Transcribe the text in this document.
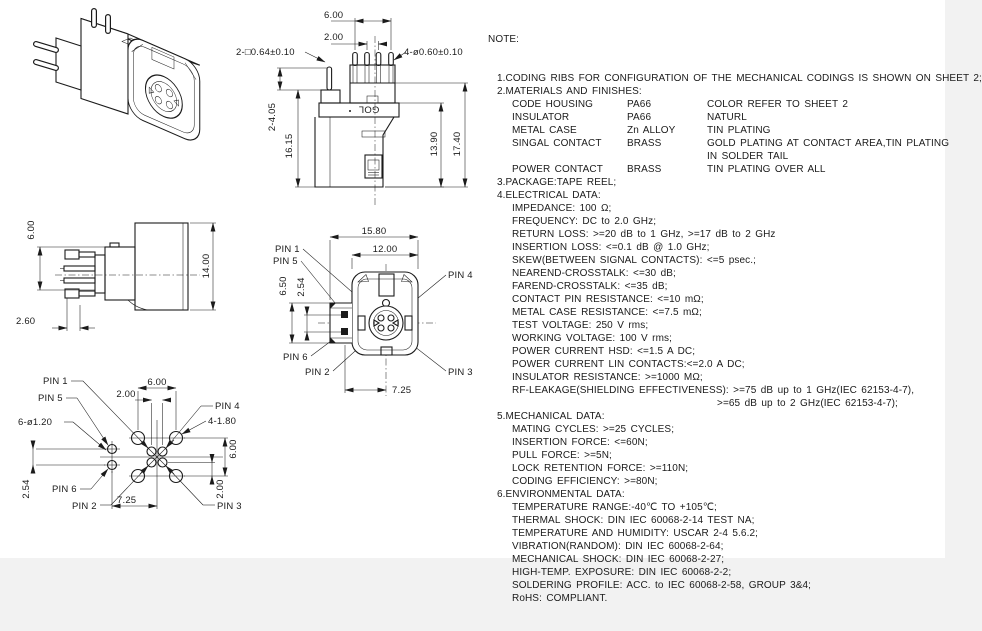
GOL
6.00
2.00
2-□0.64±0.10	4-ø0.60±0.10
2-4.05
16.15	13.90 17.40
6.00
14.00
2.60
PIN 1
PIN 5
PIN 4
PIN 6
PIN 2	PIN 3
15.80
12.00
6.50 2.54
7.25
PIN 1
PIN 5
6-ø1.20
PIN 4
4-1.80
PIN 6
PIN 2	PIN 3
6.00
2.00
6.00
2.00
2.54
7.25

NOTE:

1.CODING RIBS FOR CONFIGURATION OF THE MECHANICAL CODINGS IS SHOWN ON SHEET 2;
2.MATERIALS AND FINISHES:
CODE HOUSING	PA66	COLOR REFER TO SHEET 2
INSULATOR	PA66	NATURL
METAL CASE	Zn ALLOY	TIN PLATING
SINGAL CONTACT	BRASS	GOLD PLATING AT CONTACT AREA,TIN PLATING
IN SOLDER TAIL
POWER CONTACT BRASS	TIN PLATING OVER ALL
3.PACKAGE:TAPE REEL;
4.ELECTRICAL DATA:
IMPEDANCE: 100 Ω;
FREQUENCY: DC to 2.0 GHz;
RETURN LOSS: >=20 dB to 1 GHz, >=17 dB to 2 GHz
INSERTION LOSS: <=0.1 dB @ 1.0 GHz;
SKEW(BETWEEN SIGNAL CONTACTS): <=5 psec.;
NEAREND-CROSSTALK: <=30 dB;
FAREND-CROSSTALK: <=35 dB;
CONTACT PIN RESISTANCE: <=10 mΩ;
METAL CASE RESISTANCE: <=7.5 mΩ;
TEST VOLTAGE: 250 V rms;
WORKING VOLTAGE: 100 V rms;
POWER CURRENT HSD: <=1.5 A DC;
POWER CURRENT LIN CONTACTS:<=2.0 A DC;
INSULATOR RESISTANCE: >=1000 MΩ;
RF-LEAKAGE(SHIELDING EFFECTIVENESS): >=75 dB up to 1 GHz(IEC 62153-4-7),
>=65 dB up to 2 GHz(IEC 62153-4-7);
5.MECHANICAL DATA:
MATING CYCLES: >=25 CYCLES;
INSERTION FORCE: <=60N;
PULL FORCE: >=5N;
LOCK RETENTION FORCE: >=110N;
CODING EFFICIENCY: >=80N;
6.ENVIRONMENTAL DATA:
TEMPERATURE RANGE:-40℃ TO +105℃;
THERMAL SHOCK: DIN IEC 60068-2-14 TEST NA;
TEMPERATURE AND HUMIDITY: USCAR 2-4 5.6.2;
VIBRATION(RANDOM): DIN IEC 60068-2-64;
MECHANICAL SHOCK: DIN IEC 60068-2-27;
HIGH-TEMP. EXPOSURE: DIN IEC 60068-2-2;
SOLDERING PROFILE: ACC. to IEC 60068-2-58, GROUP 3&4;
RoHS: COMPLIANT.
